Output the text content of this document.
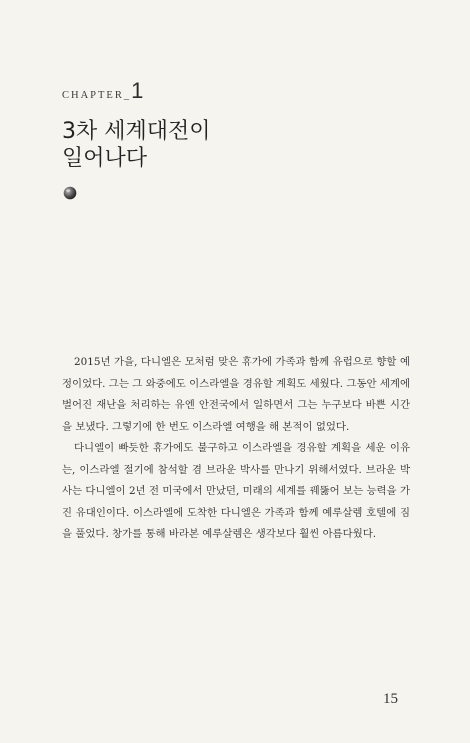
CHAPTER _ 1
3차 세계대전이
일어나다

2015년 가을, 다니엘은 모처럼 맞은 휴가에 가족과 함께 유럽으로 향할 예정이었다. 그는 그 와중에도 이스라엘을 경유할 계획도 세웠다. 그동안 세계에 벌어진 재난을 처리하는 유엔 안전국에서 일하면서 그는 누구보다 바쁜 시간을 보냈다. 그렇기에 한 번도 이스라엘 여행을 해 본적이 없었다.

다니엘이 빠듯한 휴가에도 불구하고 이스라엘을 경유할 계획을 세운 이유는, 이스라엘 절기에 참석할 겸 브라운 박사를 만나기 위해서였다. 브라운 박사는 다니엘이 2년 전 미국에서 만났던, 미래의 세계를 꿰뚫어 보는 능력을 가진 유대인이다. 이스라엘에 도착한 다니엘은 가족과 함께 예루살렘 호텔에 짐을 풀었다. 창가를 통해 바라본 예루살렘은 생각보다 훨씬 아름다웠다.

15
